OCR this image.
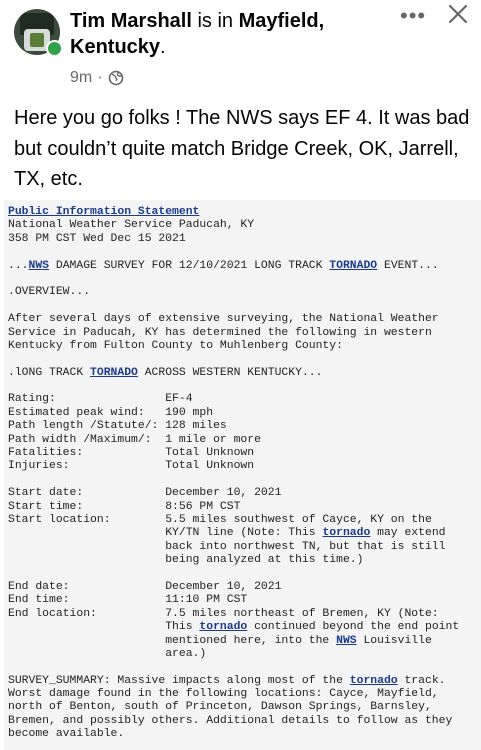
Tim Marshall is in Mayfield, Kentucky.
9m ·
•••
Here you go folks ! The NWS says EF 4. It was bad but couldn’t quite match Bridge Creek, OK, Jarrell, TX, etc.
Public Information Statement
National Weather Service Paducah, KY
358 PM CST Wed Dec 15 2021
...NWS DAMAGE SURVEY FOR 12/10/2021 LONG TRACK TORNADO EVENT...
.OVERVIEW...
After several days of extensive surveying, the National Weather
Service in Paducah, KY has determined the following in western
Kentucky from Fulton County to Muhlenberg County:
.lONG TRACK TORNADO ACROSS WESTERN KENTUCKY...
Rating:                EF-4
Estimated peak wind:   190 mph
Path length /Statute/: 128 miles
Path width /Maximum/:  1 mile or more
Fatalities:            Total Unknown
Injuries:              Total Unknown
Start date:            December 10, 2021
Start time:            8:56 PM CST
Start location:        5.5 miles southwest of Cayce, KY on the
KY/TN line (Note: This tornado may extend
back into northwest TN, but that is still
being analyzed at this time.)
End date:              December 10, 2021
End time:              11:10 PM CST
End location:          7.5 miles northeast of Bremen, KY (Note:
This tornado continued beyond the end point
mentioned here, into the NWS Louisville
area.)
SURVEY_SUMMARY: Massive impacts along most of the tornado track.
Worst damage found in the following locations: Cayce, Mayfield,
north of Benton, south of Princeton, Dawson Springs, Barnsley,
Bremen, and possibly others. Additional details to follow as they
become available.
